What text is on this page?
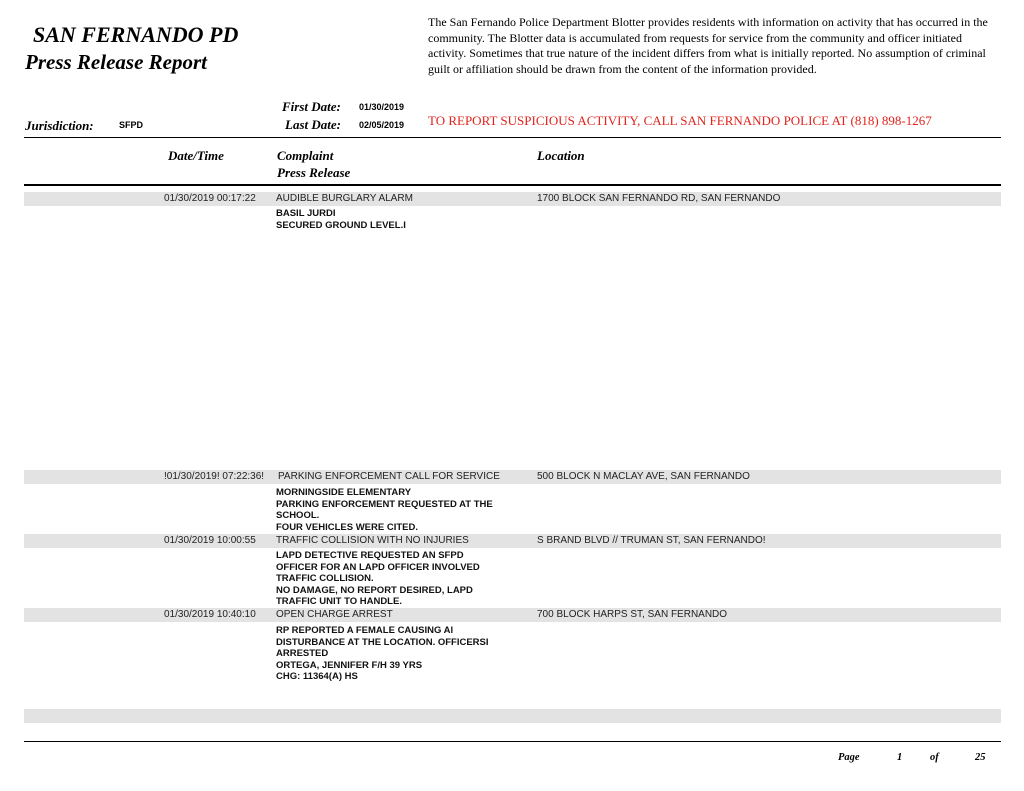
SAN FERNANDO PD
Press Release Report
The San Fernando Police Department Blotter provides residents with information on activity that has occurred in the community. The Blotter data is accumulated from requests for service from the community and officer initiated activity. Sometimes that true nature of the incident differs from what is initially reported. No assumption of criminal guilt or affiliation should be drawn from the content of the information provided.
Jurisdiction:	SFPD
First Date: 01/30/2019
Last Date: 02/05/2019 TO REPORT SUSPICIOUS ACTIVITY, CALL SAN FERNANDO POLICE AT (818) 898-1267
Date/Time	Complaint
Press Release
Location
01/30/2019 00:17:22 AUDIBLE BURGLARY ALARM	1700 BLOCK SAN FERNANDO RD, SAN FERNANDO
BASIL JURDI
SECURED GROUND LEVEL.I
!01/30/2019! 07:22:36! PARKING ENFORCEMENT CALL FOR SERVICE	500 BLOCK N MACLAY AVE, SAN FERNANDO
MORNINGSIDE ELEMENTARY
PARKING ENFORCEMENT REQUESTED AT THE
SCHOOL.
FOUR VEHICLES WERE CITED.
01/30/2019 10:00:55 TRAFFIC COLLISION WITH NO INJURIES	S BRAND BLVD // TRUMAN ST, SAN FERNANDO!
LAPD DETECTIVE REQUESTED AN SFPD
OFFICER FOR AN LAPD OFFICER INVOLVED
TRAFFIC COLLISION.
NO DAMAGE, NO REPORT DESIRED, LAPD
TRAFFIC UNIT TO HANDLE.
01/30/2019 10:40:10 OPEN CHARGE ARREST	700 BLOCK HARPS ST, SAN FERNANDO
RP REPORTED A FEMALE CAUSING Al
DISTURBANCE AT THE LOCATION. OFFICERSI
ARRESTED
ORTEGA, JENNIFER F/H 39 YRS
CHG: 11364(A) HS
Page	1	of	25
